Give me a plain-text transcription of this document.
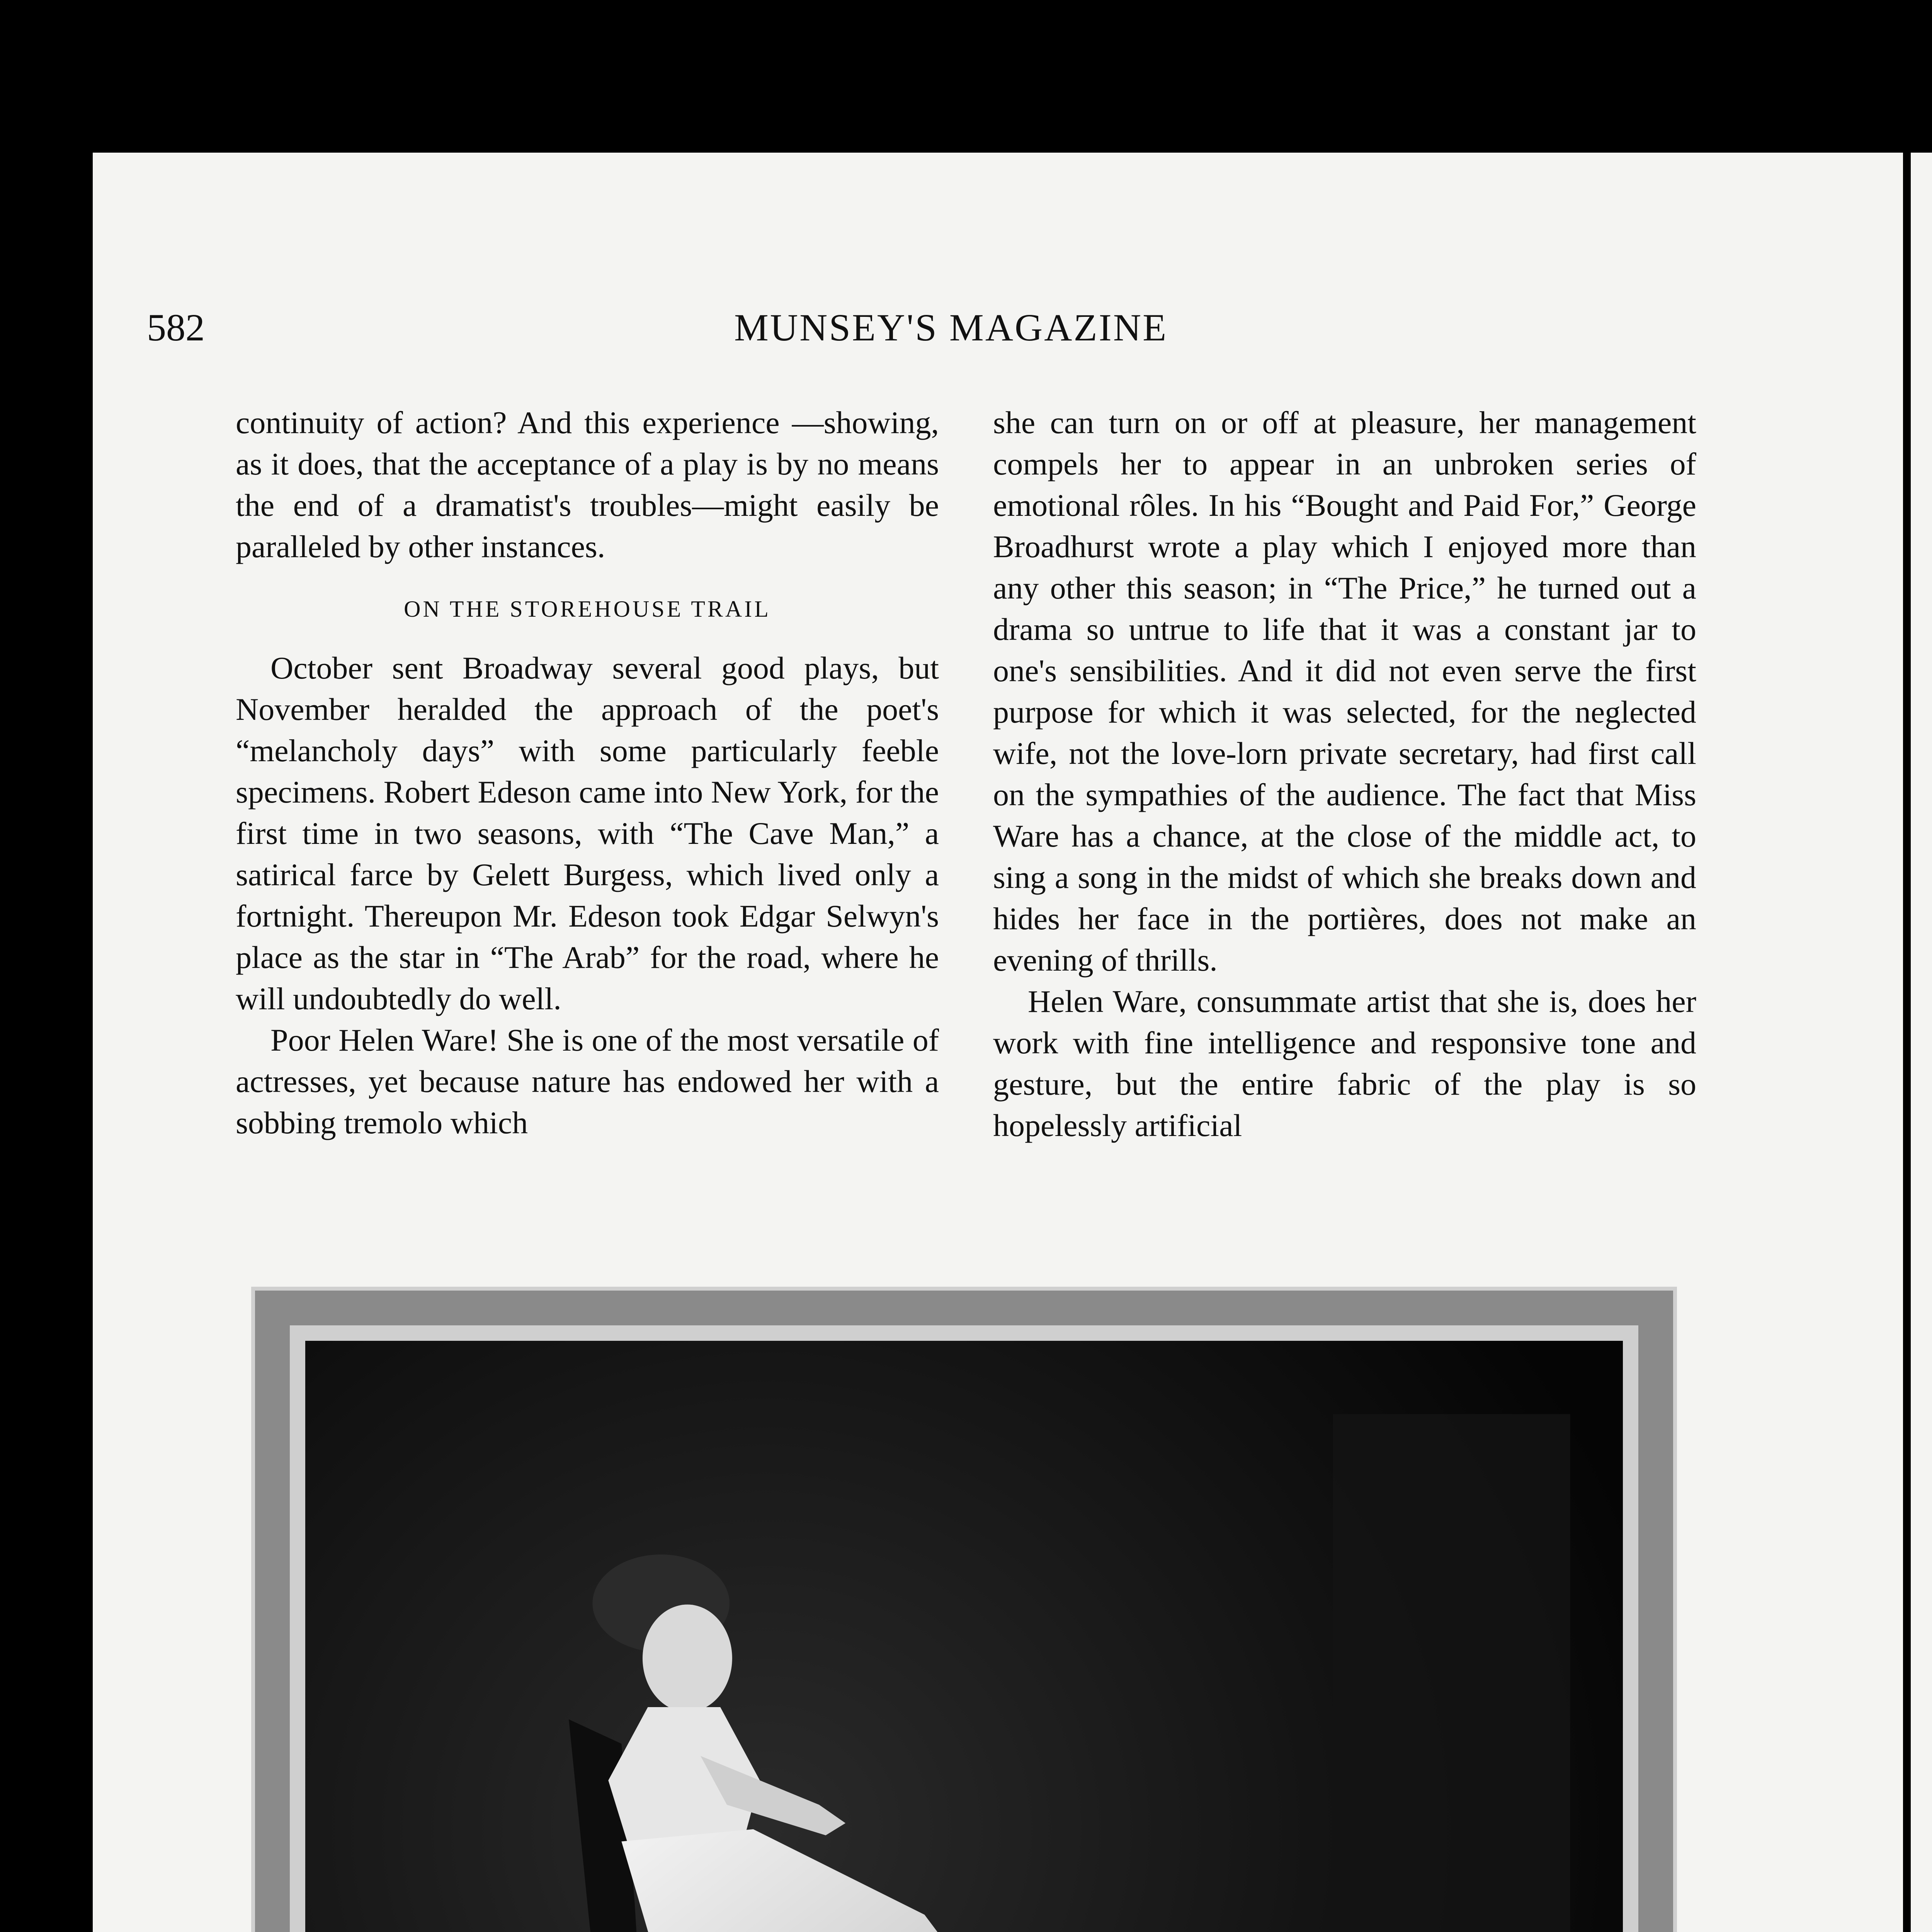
582	MUNSEY'S MAGAZINE

continuity of action? And this experience —showing, as it does, that the acceptance of a play is by no means the end of a dramatist's troubles—might easily be paralleled by other instances.

ON THE STOREHOUSE TRAIL

October sent Broadway several good plays, but November heralded the approach of the poet's “melancholy days” with some particularly feeble specimens. Robert Edeson came into New York, for the first time in two seasons, with “The Cave Man,” a satirical farce by Gelett Burgess, which lived only a fortnight. Thereupon Mr. Edeson took Edgar Selwyn's place as the star in “The Arab” for the road, where he will undoubtedly do well.

Poor Helen Ware! She is one of the most versatile of actresses, yet because nature has endowed her with a sobbing tremolo which

she can turn on or off at pleasure, her management compels her to appear in an unbroken series of emotional rôles. In his “Bought and Paid For,” George Broadhurst wrote a play which I enjoyed more than any other this season; in “The Price,” he turned out a drama so untrue to life that it was a constant jar to one's sensibilities. And it did not even serve the first purpose for which it was selected, for the neglected wife, not the love-lorn private secretary, had first call on the sympathies of the audience. The fact that Miss Ware has a chance, at the close of the middle act, to sing a song in the midst of which she breaks down and hides her face in the portières, does not make an evening of thrills.

Helen Ware, consummate artist that she is, does her work with fine intelligence and responsive tone and gesture, but the entire fabric of the play is so hopelessly artificial
